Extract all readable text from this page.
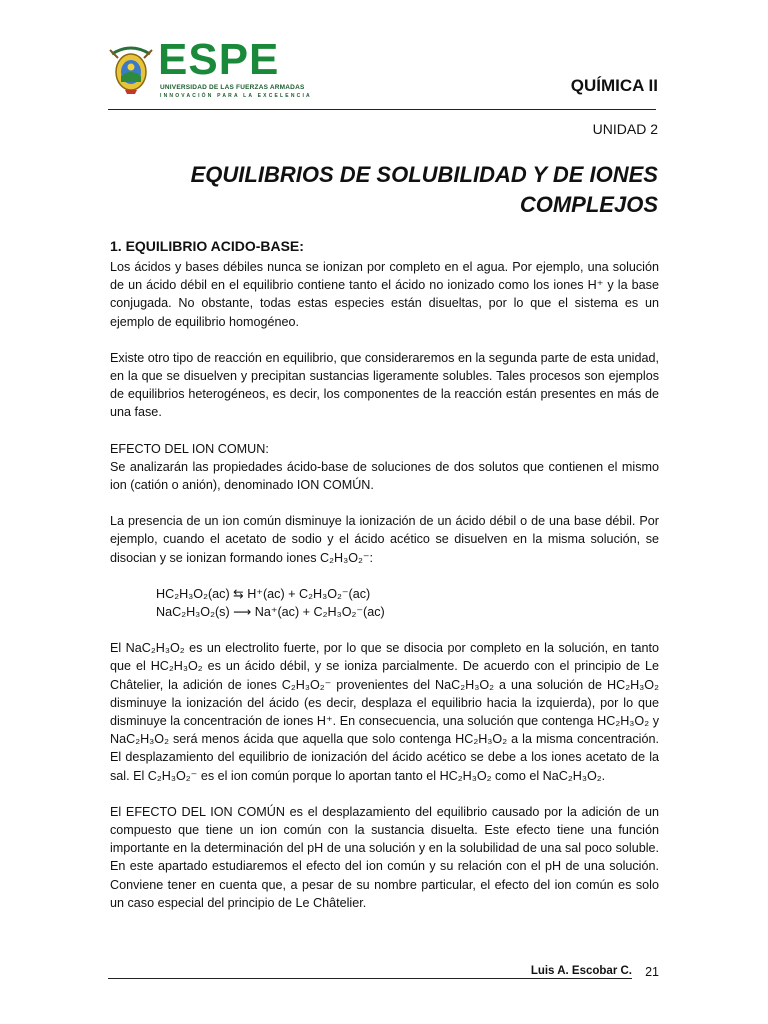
ESPE
UNIVERSIDAD DE LAS FUERZAS ARMADAS
INNOVACIÓN PARA LA EXCELENCIA
QUÍMICA II
UNIDAD 2
EQUILIBRIOS DE SOLUBILIDAD Y DE IONES
COMPLEJOS
1. EQUILIBRIO ACIDO-BASE:

Los ácidos y bases débiles nunca se ionizan por completo en el agua. Por ejemplo, una solución de un ácido débil en el equilibrio contiene tanto el ácido no ionizado como los iones H⁺ y la base conjugada. No obstante, todas estas especies están disueltas, por lo que el sistema es un ejemplo de equilibrio homogéneo.

Existe otro tipo de reacción en equilibrio, que consideraremos en la segunda parte de esta unidad, en la que se disuelven y precipitan sustancias ligeramente solubles. Tales procesos son ejemplos de equilibrios heterogéneos, es decir, los componentes de la reacción están presentes en más de una fase.

EFECTO DEL ION COMUN:

Se analizarán las propiedades ácido-base de soluciones de dos solutos que contienen el mismo ion (catión o anión), denominado ION COMÚN.

La presencia de un ion común disminuye la ionización de un ácido débil o de una base débil. Por ejemplo, cuando el acetato de sodio y el ácido acético se disuelven en la misma solución, se disocian y se ionizan formando iones C₂H₃O₂⁻:

HC₂H₃O₂(ac) ⇆ H⁺(ac) + C₂H₃O₂⁻(ac)

NaC₂H₃O₂(s) ⟶ Na⁺(ac) + C₂H₃O₂⁻(ac)

El NaC₂H₃O₂ es un electrolito fuerte, por lo que se disocia por completo en la solución, en tanto que el HC₂H₃O₂ es un ácido débil, y se ioniza parcialmente. De acuerdo con el principio de Le Châtelier, la adición de iones C₂H₃O₂⁻ provenientes del NaC₂H₃O₂ a una solución de HC₂H₃O₂ disminuye la ionización del ácido (es decir, desplaza el equilibrio hacia la izquierda), por lo que disminuye la concentración de iones H⁺. En consecuencia, una solución que contenga HC₂H₃O₂ y NaC₂H₃O₂ será menos ácida que aquella que solo contenga HC₂H₃O₂ a la misma concentración. El desplazamiento del equilibrio de ionización del ácido acético se debe a los iones acetato de la sal. El C₂H₃O₂⁻ es el ion común porque lo aportan tanto el HC₂H₃O₂ como el NaC₂H₃O₂.

El EFECTO DEL ION COMÚN es el desplazamiento del equilibrio causado por la adición de un compuesto que tiene un ion común con la sustancia disuelta. Este efecto tiene una función importante en la determinación del pH de una solución y en la solubilidad de una sal poco soluble. En este apartado estudiaremos el efecto del ion común y su relación con el pH de una solución. Conviene tener en cuenta que, a pesar de su nombre particular, el efecto del ion común es solo un caso especial del principio de Le Châtelier.

Luis A. Escobar C. 21
